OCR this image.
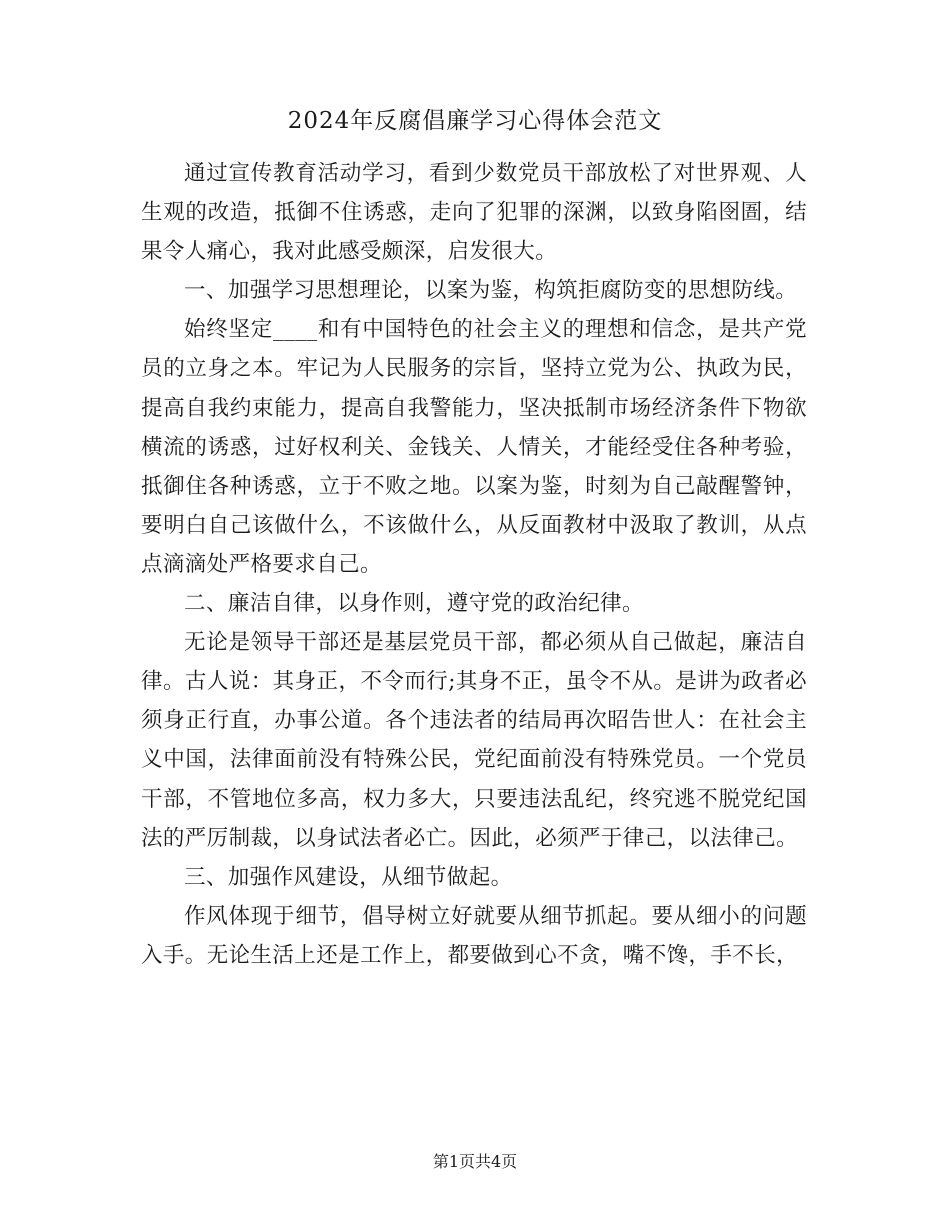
2024年反腐倡廉学习心得体会范文

通过宣传教育活动学习，看到少数党员干部放松了对世界观、人生观的改造，抵御不住诱惑，走向了犯罪的深渊，以致身陷囹圄，结果令人痛心，我对此感受颇深，启发很大。

一、加强学习思想理论，以案为鉴，构筑拒腐防变的思想防线。

始终坚定____和有中国特色的社会主义的理想和信念，是共产党员的立身之本。牢记为人民服务的宗旨，坚持立党为公、执政为民，提高自我约束能力，提高自我警能力，坚决抵制市场经济条件下物欲横流的诱惑，过好权利关、金钱关、人情关，才能经受住各种考验，抵御住各种诱惑，立于不败之地。以案为鉴，时刻为自己敲醒警钟，要明白自己该做什么，不该做什么，从反面教材中汲取了教训，从点点滴滴处严格要求自己。

二、廉洁自律，以身作则，遵守党的政治纪律。

无论是领导干部还是基层党员干部，都必须从自己做起，廉洁自律。古人说：其身正，不令而行;其身不正，虽令不从。是讲为政者必须身正行直，办事公道。各个违法者的结局再次昭告世人：在社会主义中国，法律面前没有特殊公民，党纪面前没有特殊党员。一个党员干部，不管地位多高，权力多大，只要违法乱纪，终究逃不脱党纪国法的严厉制裁，以身试法者必亡。因此，必须严于律己，以法律己。

三、加强作风建设，从细节做起。

作风体现于细节，倡导树立好就要从细节抓起。要从细小的问题入手。无论生活上还是工作上，都要做到心不贪，嘴不馋，手不长，

第1页共4页
